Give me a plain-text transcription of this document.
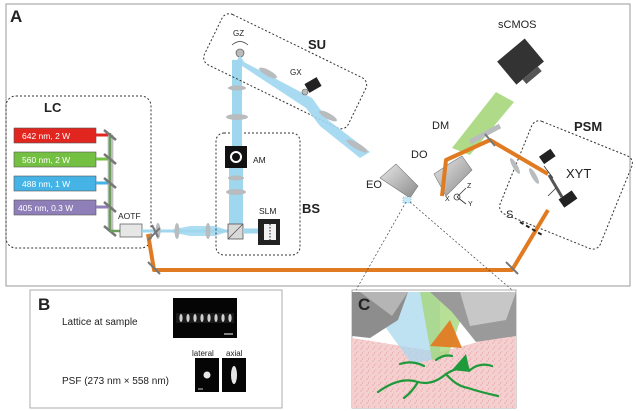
A
LC
642 nm, 2 W
560 nm, 2 W
488 nm, 1 W
405 nm, 0.3 W
AOTF	BS
AM
SLM
SU
GZ
GX
sCMOS
DM
EO
DO
X
Z
Y
PSM
XYT
S
B
Lattice at sample
PSF (273 nm × 558 nm)
lateral axial
C
